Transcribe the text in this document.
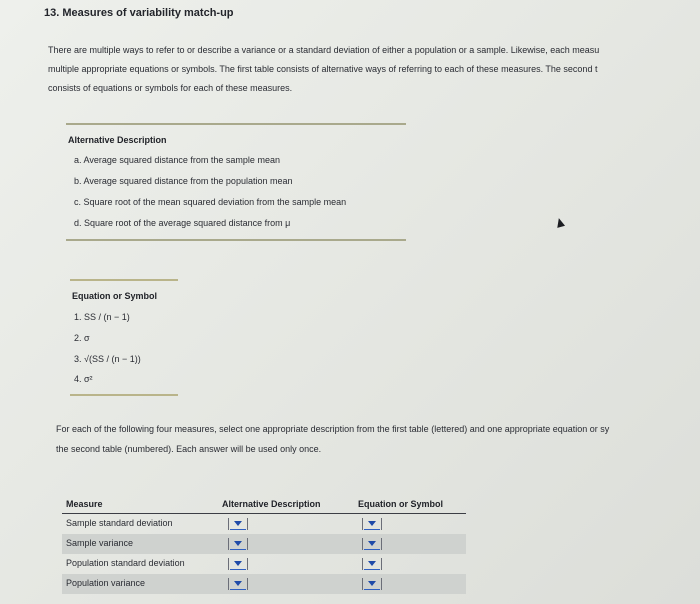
13. Measures of variability match-up
There are multiple ways to refer to or describe a variance or a standard deviation of either a population or a sample. Likewise, each measu
multiple appropriate equations or symbols. The first table consists of alternative ways of referring to each of these measures. The second t
consists of equations or symbols for each of these measures.
Alternative Description
a. Average squared distance from the sample mean
b. Average squared distance from the population mean
c. Square root of the mean squared deviation from the sample mean
d. Square root of the average squared distance from μ
Equation or Symbol
1. SS / (n − 1)
2. σ
3. √(SS / (n − 1))
4. σ²
For each of the following four measures, select one appropriate description from the first table (lettered) and one appropriate equation or sy
the second table (numbered). Each answer will be used only once.
Measure	Alternative Description	Equation or Symbol
Sample standard deviation
Sample variance
Population standard deviation
Population variance
